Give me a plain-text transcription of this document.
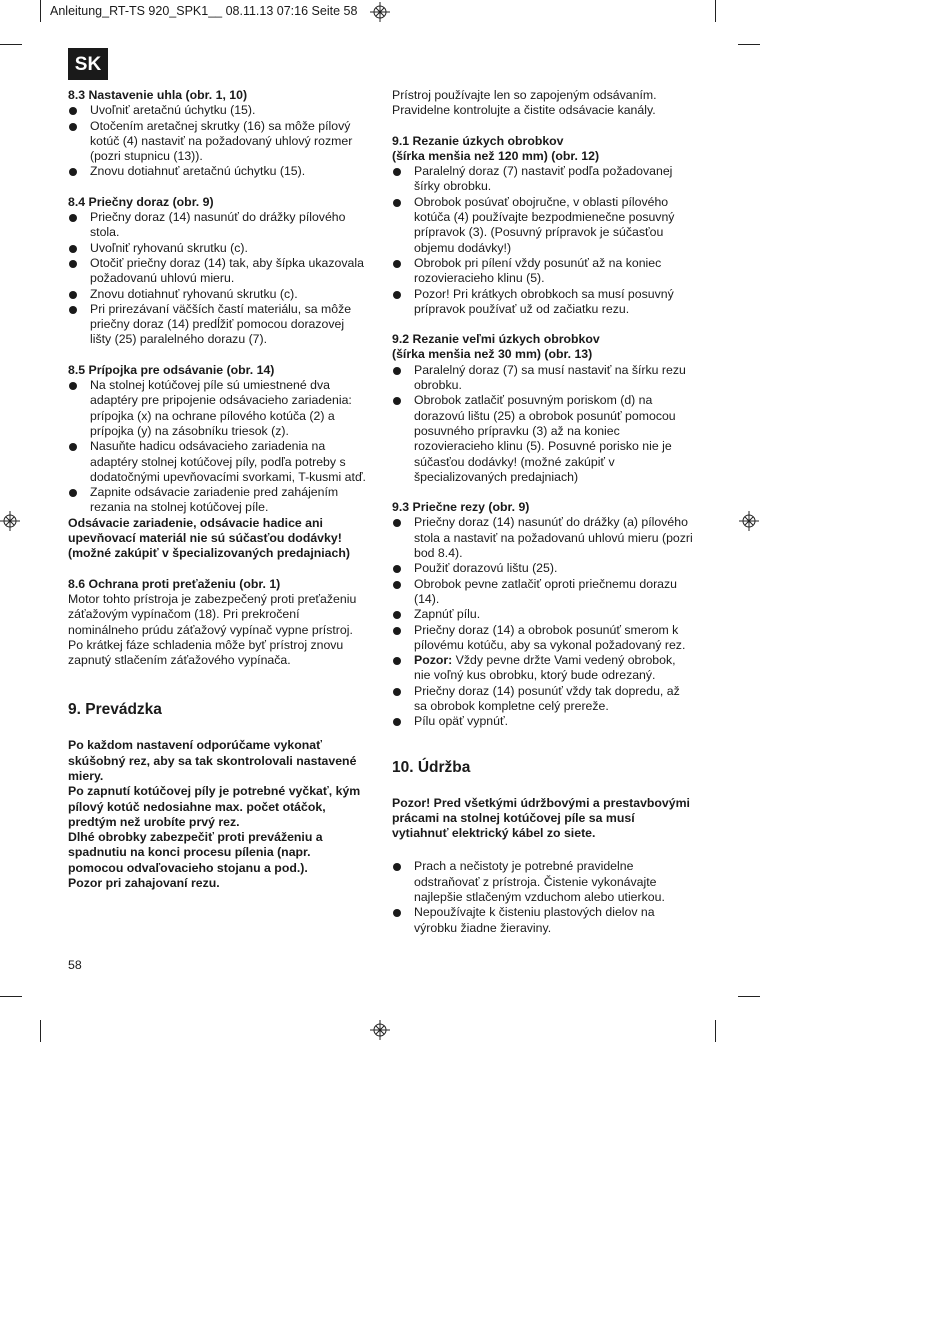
Anleitung_RT-TS 920_SPK1__ 08.11.13 07:16 Seite 58
SK
8.3 Nastavenie uhla (obr. 1, 10)
Uvoľniť aretačnú úchytku (15).
Otočením aretačnej skrutky (16) sa môže pílový kotúč (4) nastaviť na požadovaný uhlový rozmer (pozri stupnicu (13)).
Znovu dotiahnuť aretačnú úchytku (15).
8.4 Priečny doraz (obr. 9)
Priečny doraz (14) nasunúť do drážky pílového stola.
Uvoľniť ryhovanú skrutku (c).
Otočiť priečny doraz (14) tak, aby šípka ukazovala požadovanú uhlovú mieru.
Znovu dotiahnuť ryhovanú skrutku (c).
Pri prirezávaní väčších častí materiálu, sa môže priečny doraz (14) predĺžiť pomocou dorazovej lišty (25) paralelného dorazu (7).
8.5 Prípojka pre odsávanie (obr. 14)
Na stolnej kotúčovej píle sú umiestnené dva adaptéry pre pripojenie odsávacieho zariadenia: prípojka (x) na ochrane pílového kotúča (2) a prípojka (y) na zásobníku triesok (z).
Nasuňte hadicu odsávacieho zariadenia na adaptéry stolnej kotúčovej píly, podľa potreby s dodatočnými upevňovacími svorkami, T-kusmi atď.
Zapnite odsávacie zariadenie pred zahájením rezania na stolnej kotúčovej píle.

Odsávacie zariadenie, odsávacie hadice ani upevňovací materiál nie sú súčasťou dodávky! (možné zakúpiť v špecializovaných predajniach)

8.6 Ochrana proti preťaženiu (obr. 1)

Motor tohto prístroja je zabezpečený proti preťaženiu záťažovým vypínačom (18). Pri prekročení nominálneho prúdu záťažový vypínač vypne prístroj. Po krátkej fáze schladenia môže byť prístroj znovu zapnutý stlačením záťažového vypínača.

9. Prevádzka

Po každom nastavení odporúčame vykonať skúšobný rez, aby sa tak skontrolovali nastavené miery.
Po zapnutí kotúčovej píly je potrebné vyčkať, kým pílový kotúč nedosiahne max. počet otáčok, predtým než urobíte prvý rez.
Dlhé obrobky zabezpečiť proti preváženiu a spadnutiu na konci procesu pílenia (napr. pomocou odvaľovacieho stojanu a pod.).
Pozor pri zahajovaní rezu.

Prístroj používajte len so zapojeným odsávaním. Pravidelne kontrolujte a čistite odsávacie kanály.

9.1 Rezanie úzkych obrobkov
(šírka menšia než 120 mm) (obr. 12)
Paralelný doraz (7) nastaviť podľa požadovanej šírky obrobku.
Obrobok posúvať obojručne, v oblasti pílového kotúča (4) používajte bezpodmienečne posuvný prípravok (3). (Posuvný prípravok je súčasťou objemu dodávky!)
Obrobok pri pílení vždy posunúť až na koniec rozovieracieho klinu (5).
Pozor! Pri krátkych obrobkoch sa musí posuvný prípravok používať už od začiatku rezu.
9.2 Rezanie veľmi úzkych obrobkov
(šírka menšia než 30 mm) (obr. 13)
Paralelný doraz (7) sa musí nastaviť na šírku rezu obrobku.
Obrobok zatlačiť posuvným poriskom (d) na dorazovú lištu (25) a obrobok posunúť pomocou posuvného prípravku (3) až na koniec rozovieracieho klinu (5). Posuvné porisko nie je súčasťou dodávky! (možné zakúpiť v špecializovaných predajniach)
9.3 Priečne rezy (obr. 9)
Priečny doraz (14) nasunúť do drážky (a) pílového stola a nastaviť na požadovanú uhlovú mieru (pozri bod 8.4).
Použiť dorazovú lištu (25).
Obrobok pevne zatlačiť oproti priečnemu dorazu (14).
Zapnúť pílu.
Priečny doraz (14) a obrobok posunúť smerom k pílovému kotúču, aby sa vykonal požadovaný rez.
Pozor: Vždy pevne držte Vami vedený obrobok, nie voľný kus obrobku, ktorý bude odrezaný.
Priečny doraz (14) posunúť vždy tak dopredu, až sa obrobok kompletne celý prereže.
Pílu opäť vypnúť.
10. Údržba

Pozor! Pred všetkými údržbovými a prestavbovými prácami na stolnej kotúčovej píle sa musí vytiahnuť elektrický kábel zo siete.

Prach a nečistoty je potrebné pravidelne odstraňovať z prístroja. Čistenie vykonávajte najlepšie stlačeným vzduchom alebo utierkou.
Nepoužívajte k čisteniu plastových dielov na výrobku žiadne žieraviny.
58
